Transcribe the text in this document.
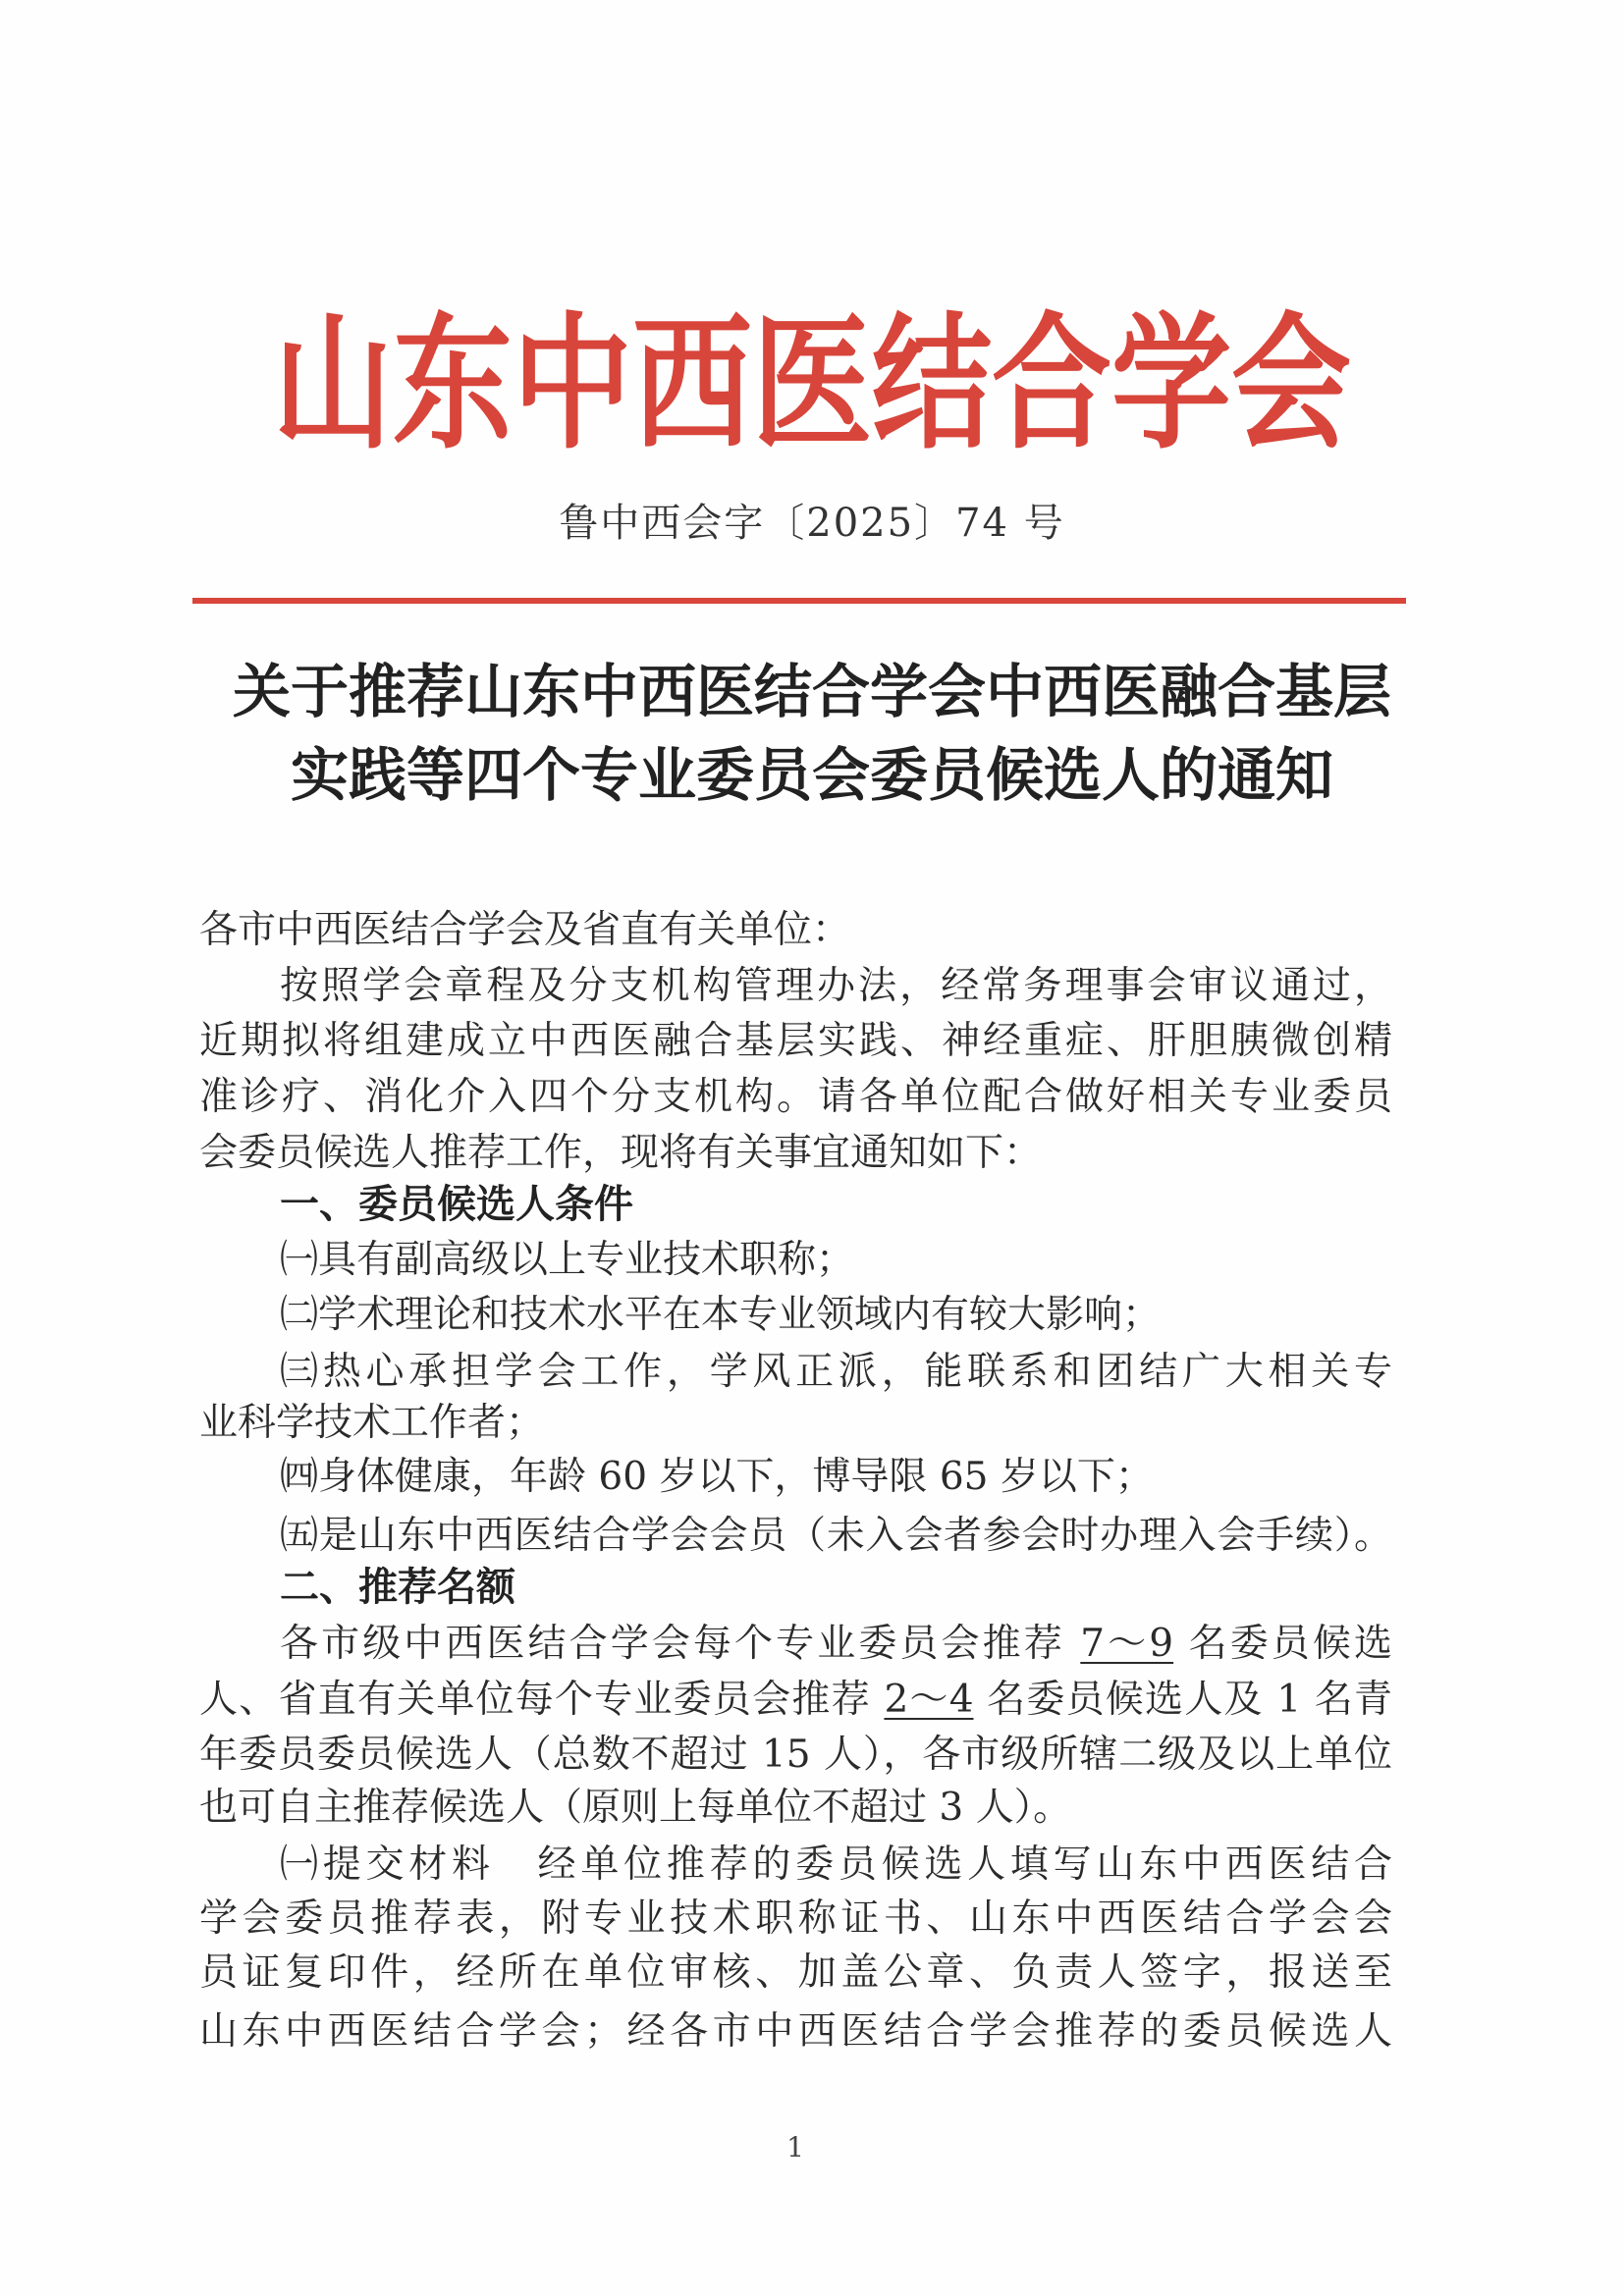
山东中西医结合学会
鲁中西会字〔2025〕74 号
关于推荐山东中西医结合学会中西医融合基层
实践等四个专业委员会委员候选人的通知
各市中西医结合学会及省直有关单位：
按照学会章程及分支机构管理办法，经常务理事会审议通过，
近期拟将组建成立中西医融合基层实践、神经重症、肝胆胰微创精
准诊疗、消化介入四个分支机构。请各单位配合做好相关专业委员
会委员候选人推荐工作，现将有关事宜通知如下：
一、委员候选人条件
㈠具有副高级以上专业技术职称；
㈡学术理论和技术水平在本专业领域内有较大影响；
㈢热心承担学会工作，学风正派，能联系和团结广大相关专
业科学技术工作者；
㈣身体健康，年龄 60 岁以下，博导限 65 岁以下；
㈤是山东中西医结合学会会员（未入会者参会时办理入会手续）。
二、推荐名额
各市级中西医结合学会每个专业委员会推荐 7～9 名委员候选
人、省直有关单位每个专业委员会推荐 2～4 名委员候选人及 1 名青
年委员委员候选人（总数不超过 15 人），各市级所辖二级及以上单位
也可自主推荐候选人（原则上每单位不超过 3 人）。
㈠提交材料　经单位推荐的委员候选人填写山东中西医结合
学会委员推荐表，附专业技术职称证书、山东中西医结合学会会
员证复印件，经所在单位审核、加盖公章、负责人签字，报送至
山东中西医结合学会；经各市中西医结合学会推荐的委员候选人
1
